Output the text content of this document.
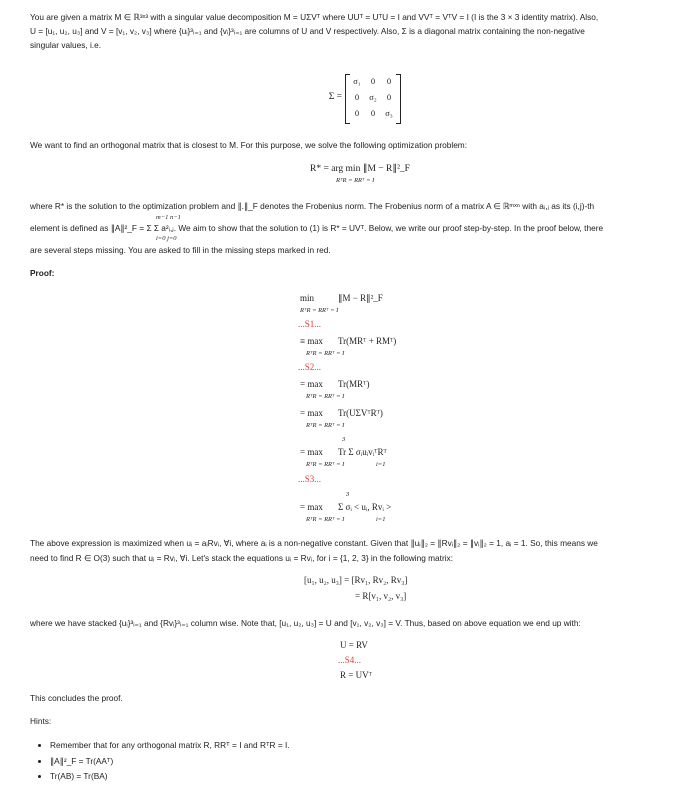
You are given a matrix M ∈ ℝ³ˣ³ with a singular value decomposition M = UΣVᵀ where UUᵀ = UᵀU = I and VVᵀ = VᵀV = I (I is the 3 × 3 identity matrix). Also,

U = [u₁, u₂, u₃] and V = [v₁, v₂, v₃] where {uᵢ}³ᵢ₌₁ and {vᵢ}³ᵢ₌₁ are columns of U and V respectively. Also, Σ is a diagonal matrix containing the non-negative

singular values, i.e.

Σ =
σ₁	0	0
0	σ₂	0
0	0	σ₃

We want to find an orthogonal matrix that is closest to M. For this purpose, we solve the following optimization problem:

R* = arg min ∥M − R∥²_F
RᵀR = RRᵀ = I

where R* is the solution to the optimization problem and ∥.∥_F denotes the Frobenius norm. The Frobenius norm of a matrix A ∈ ℝᵐˣⁿ with aᵢ,ⱼ as its (i,j)-th

m−1 n−1

element is defined as ∥A∥²_F = Σ Σ a²ᵢ,ⱼ. We aim to show that the solution to (1) is R* = UVᵀ. Below, we write our proof step-by-step. In the proof below, there

i=0 j=0

are several steps missing. You are asked to fill in the missing steps marked in red.

Proof:

min	∥M − R∥²_F
RᵀR = RRᵀ = I
...S1...
≡ max Tr(MRᵀ + RMᵀ)
RᵀR = RRᵀ = I
...S2...
= max Tr(MRᵀ)
RᵀR = RRᵀ = I
= max Tr(UΣVᵀRᵀ)
RᵀR = RRᵀ = I
3
= max Tr Σ σᵢuᵢvᵢᵀRᵀ
RᵀR = RRᵀ = I	i=1
...S3...
3
= max Σ σᵢ < uᵢ, Rvᵢ >
RᵀR = RRᵀ = I	i=1

The above expression is maximized when uᵢ = aᵢRvᵢ, ∀i, where aᵢ is a non-negative constant. Given that ∥uᵢ∥₂ = ∥Rvᵢ∥₂ = ∥vᵢ∥₂ = 1, aᵢ = 1. So, this means we

need to find R ∈ O(3) such that uᵢ = Rvᵢ, ∀i. Let's stack the equations uᵢ = Rvᵢ, for i = {1, 2, 3} in the following matrix:

[u₁, u₂, u₃] = [Rv₁, Rv₂, Rv₃]
= R[v₁, v₂, v₃]

where we have stacked {uᵢ}³ᵢ₌₁ and {Rvᵢ}³ᵢ₌₁ column wise. Note that, [u₁, u₂, u₃] = U and [v₁, v₂, v₃] = V. Thus, based on above equation we end up with:

U = RV
...S4...
R = UVᵀ

This concludes the proof.

Hints:

• Remember that for any orthogonal matrix R, RRᵀ = I and RᵀR = I.
• ∥A∥²_F = Tr(AAᵀ)
• Tr(AB) = Tr(BA)
